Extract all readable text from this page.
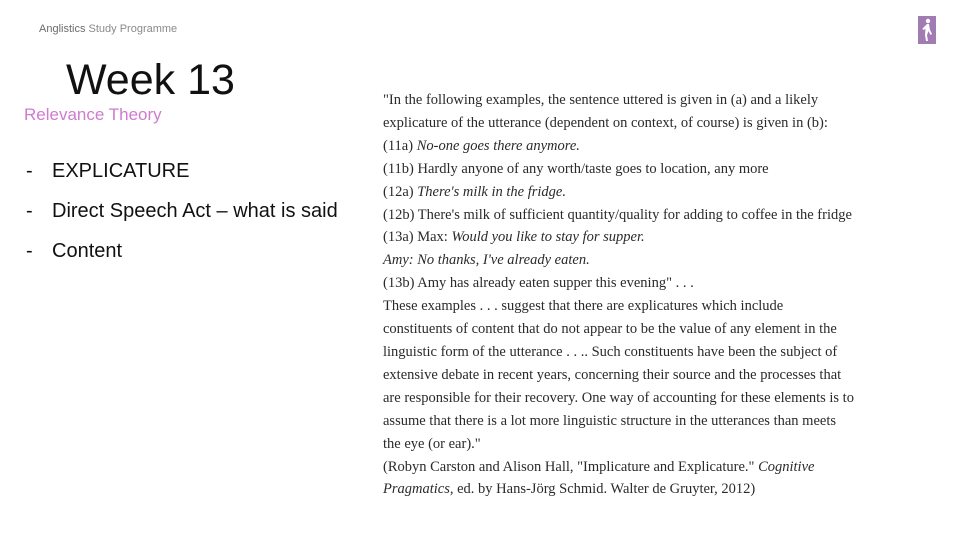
Anglistics Study Programme
Week 13
Relevance Theory
- EXPLICATURE
- Direct Speech Act – what is said
- Content
"In the following examples, the sentence uttered is given in (a) and a likely
explicature of the utterance (dependent on context, of course) is given in (b):
(11a) No-one goes there anymore.
(11b) Hardly anyone of any worth/taste goes to location, any more
(12a) There's milk in the fridge.
(12b) There's milk of sufficient quantity/quality for adding to coffee in the fridge
(13a) Max: Would you like to stay for supper.
Amy: No thanks, I've already eaten.
(13b) Amy has already eaten supper this evening" . . .
These examples . . . suggest that there are explicatures which include
constituents of content that do not appear to be the value of any element in the
linguistic form of the utterance . . .. Such constituents have been the subject of
extensive debate in recent years, concerning their source and the processes that
are responsible for their recovery. One way of accounting for these elements is to
assume that there is a lot more linguistic structure in the utterances than meets
the eye (or ear)."
(Robyn Carston and Alison Hall, "Implicature and Explicature." Cognitive
Pragmatics, ed. by Hans-Jörg Schmid. Walter de Gruyter, 2012)
